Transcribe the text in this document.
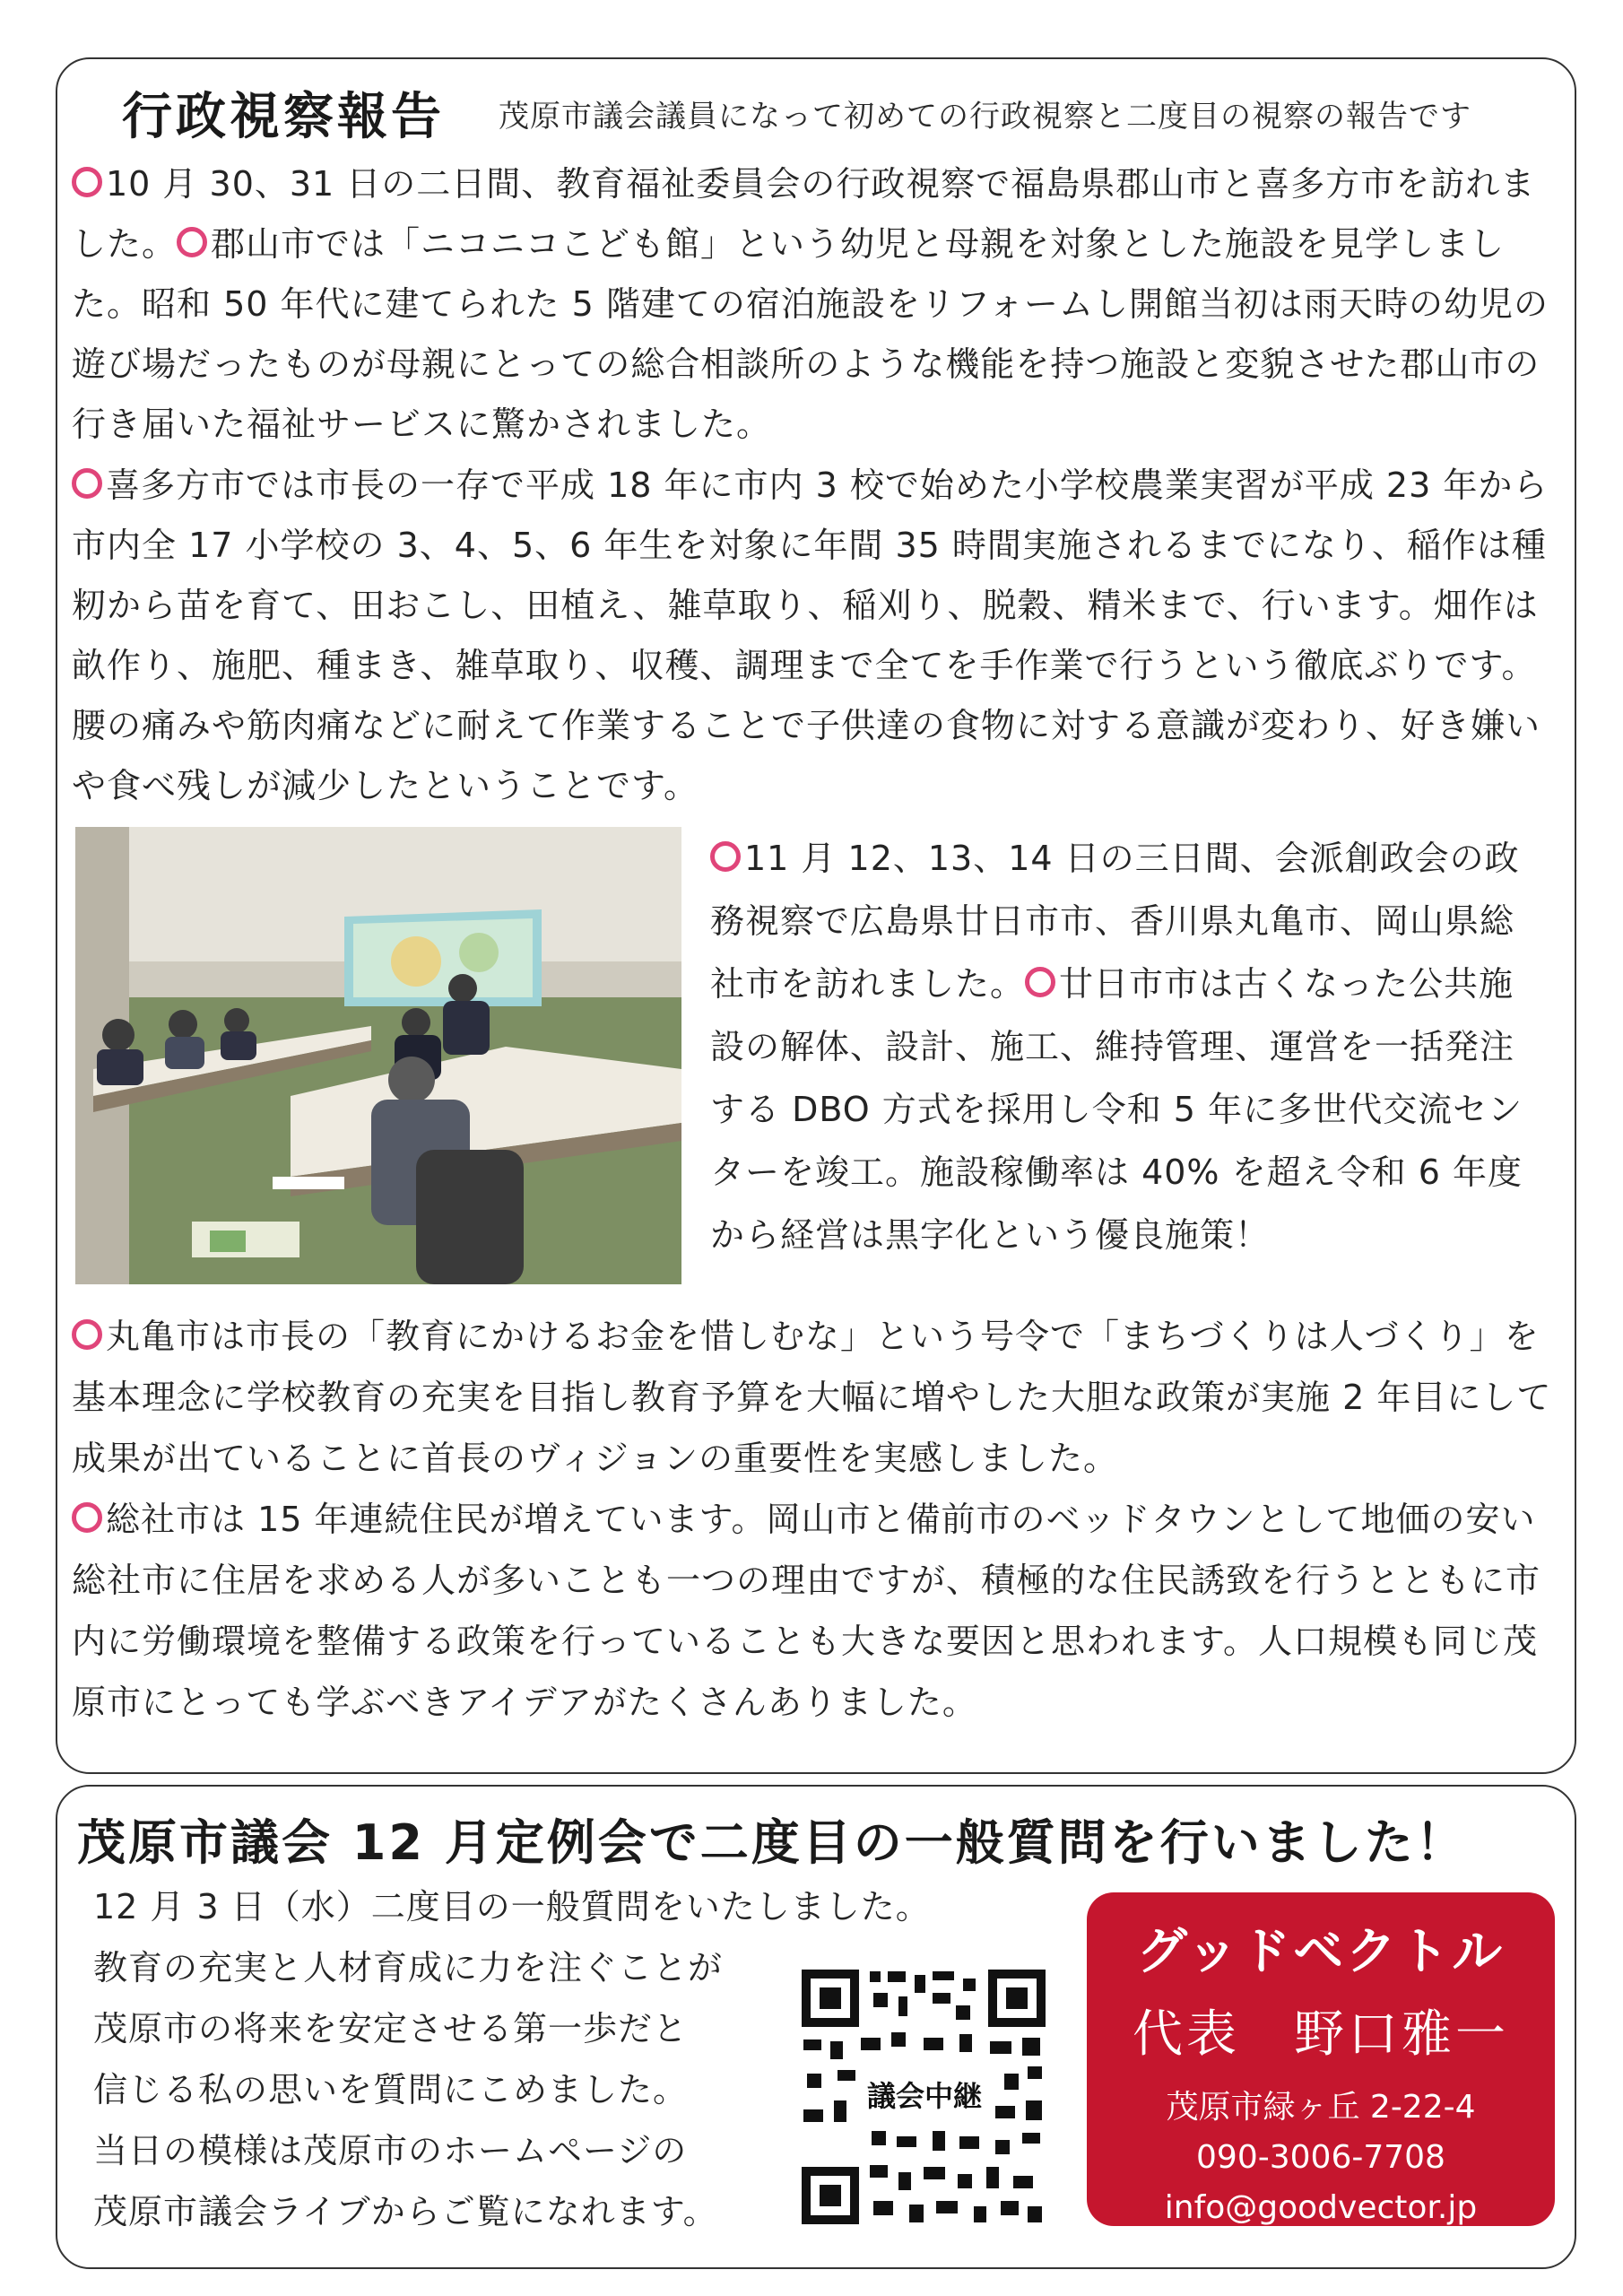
行政視察報告 茂原市議会議員になって初めての行政視察と二度目の視察の報告です

10 月 30、31 日の二日間、教育福祉委員会の行政視察で福島県郡山市と喜多方市を訪れました。 郡山市では「ニコニコこども館」という幼児と母親を対象とした施設を見学しました。昭和 50 年代に建てられた 5 階建ての宿泊施設をリフォームし開館当初は雨天時の幼児の遊び場だったものが母親にとっての総合相談所のような機能を持つ施設と変貌させた郡山市の行き届いた福祉サービスに驚かされました。

喜多方市では市長の一存で平成 18 年に市内 3 校で始めた小学校農業実習が平成 23 年から市内全 17 小学校の 3、4、5、6 年生を対象に年間 35 時間実施されるまでになり、稲作は種籾から苗を育て、田おこし、田植え、雑草取り、稲刈り、脱穀、精米まで、行います。畑作は畝作り、施肥、種まき、雑草取り、収穫、調理まで全てを手作業で行うという徹底ぶりです。腰の痛みや筋肉痛などに耐えて作業することで子供達の食物に対する意識が変わり、好き嫌いや食べ残しが減少したということです。

11 月 12、13、14 日の三日間、会派創政会の政務視察で広島県廿日市市、香川県丸亀市、岡山県総社市を訪れました。 廿日市市は古くなった公共施設の解体、設計、施工、維持管理、運営を一括発注する DBO 方式を採用し令和 5 年に多世代交流センターを竣工。施設稼働率は 40% を超え令和 6 年度から経営は黒字化という優良施策！

丸亀市は市長の「教育にかけるお金を惜しむな」という号令で「まちづくりは人づくり」を基本理念に学校教育の充実を目指し教育予算を大幅に増やした大胆な政策が実施 2 年目にして成果が出ていることに首長のヴィジョンの重要性を実感しました。

総社市は 15 年連続住民が増えています。岡山市と備前市のベッドタウンとして地価の安い総社市に住居を求める人が多いことも一つの理由ですが、積極的な住民誘致を行うとともに市内に労働環境を整備する政策を行っていることも大きな要因と思われます。人口規模も同じ茂原市にとっても学ぶべきアイデアがたくさんありました。

茂原市議会 12 月定例会で二度目の一般質問を行いました！
12 月 3 日（水）二度目の一般質問をいたしました。
教育の充実と人材育成に力を注ぐことが
茂原市の将来を安定させる第一歩だと
信じる私の思いを質問にこめました。
当日の模様は茂原市のホームページの
茂原市議会ライブからご覧になれます。
議会中継
グッドベクトル
代表　野口雅一
茂原市緑ヶ丘 2-22-4
090-3006-7708
info@goodvector.jp
